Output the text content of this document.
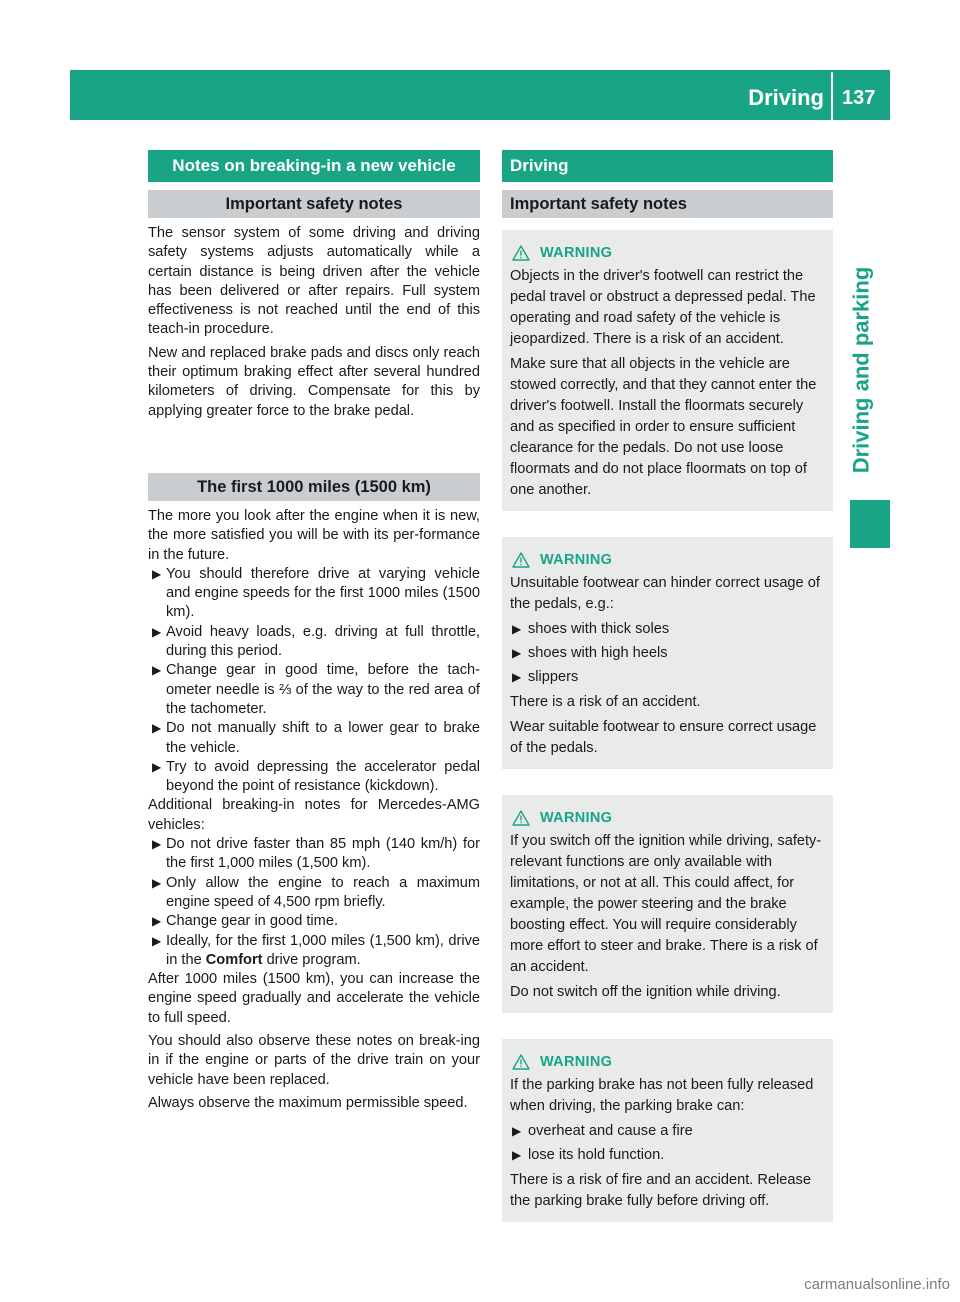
Driving 137
Driving and parking
Notes on breaking-in a new vehicle
Important safety notes

The sensor system of some driving and driving safety systems adjusts automatically while a certain distance is being driven after the vehicle has been delivered or after repairs. Full system effectiveness is not reached until the end of this teach-in procedure.

New and replaced brake pads and discs only reach their optimum braking effect after several hundred kilometers of driving. Compensate for this by applying greater force to the brake pedal.

The first 1000 miles (1500 km)

The more you look after the engine when it is new, the more satisfied you will be with its per-formance in the future.

▶ You should therefore drive at varying vehicle and engine speeds for the first 1000 miles (1500 km).
▶ Avoid heavy loads, e.g. driving at full throttle, during this period.
▶ Change gear in good time, before the tach-ometer needle is ⅔ of the way to the red area of the tachometer.
▶ Do not manually shift to a lower gear to brake the vehicle.
▶ Try to avoid depressing the accelerator pedal beyond the point of resistance (kickdown).

Additional breaking-in notes for Mercedes-AMG vehicles:

▶ Do not drive faster than 85 mph (140 km/h) for the first 1,000 miles (1,500 km).
▶ Only allow the engine to reach a maximum engine speed of 4,500 rpm briefly.
▶ Change gear in good time.
▶ Ideally, for the first 1,000 miles (1,500 km), drive in the Comfort drive program.

After 1000 miles (1500 km), you can increase the engine speed gradually and accelerate the vehicle to full speed.

You should also observe these notes on break-ing in if the engine or parts of the drive train on your vehicle have been replaced.

Always observe the maximum permissible speed.

Driving
Important safety notes
WARNING

Objects in the driver's footwell can restrict the pedal travel or obstruct a depressed pedal. The operating and road safety of the vehicle is jeopardized. There is a risk of an accident.

Make sure that all objects in the vehicle are stowed correctly, and that they cannot enter the driver's footwell. Install the floormats securely and as specified in order to ensure sufficient clearance for the pedals. Do not use loose floormats and do not place floormats on top of one another.

WARNING

Unsuitable footwear can hinder correct usage of the pedals, e.g.:

▶ shoes with thick soles
▶ shoes with high heels
▶ slippers

There is a risk of an accident.

Wear suitable footwear to ensure correct usage of the pedals.

WARNING

If you switch off the ignition while driving, safety-relevant functions are only available with limitations, or not at all. This could affect, for example, the power steering and the brake boosting effect. You will require considerably more effort to steer and brake. There is a risk of an accident.

Do not switch off the ignition while driving.

WARNING

If the parking brake has not been fully released when driving, the parking brake can:

▶ overheat and cause a fire
▶ lose its hold function.

There is a risk of fire and an accident. Release the parking brake fully before driving off.

carmanualsonline.info
